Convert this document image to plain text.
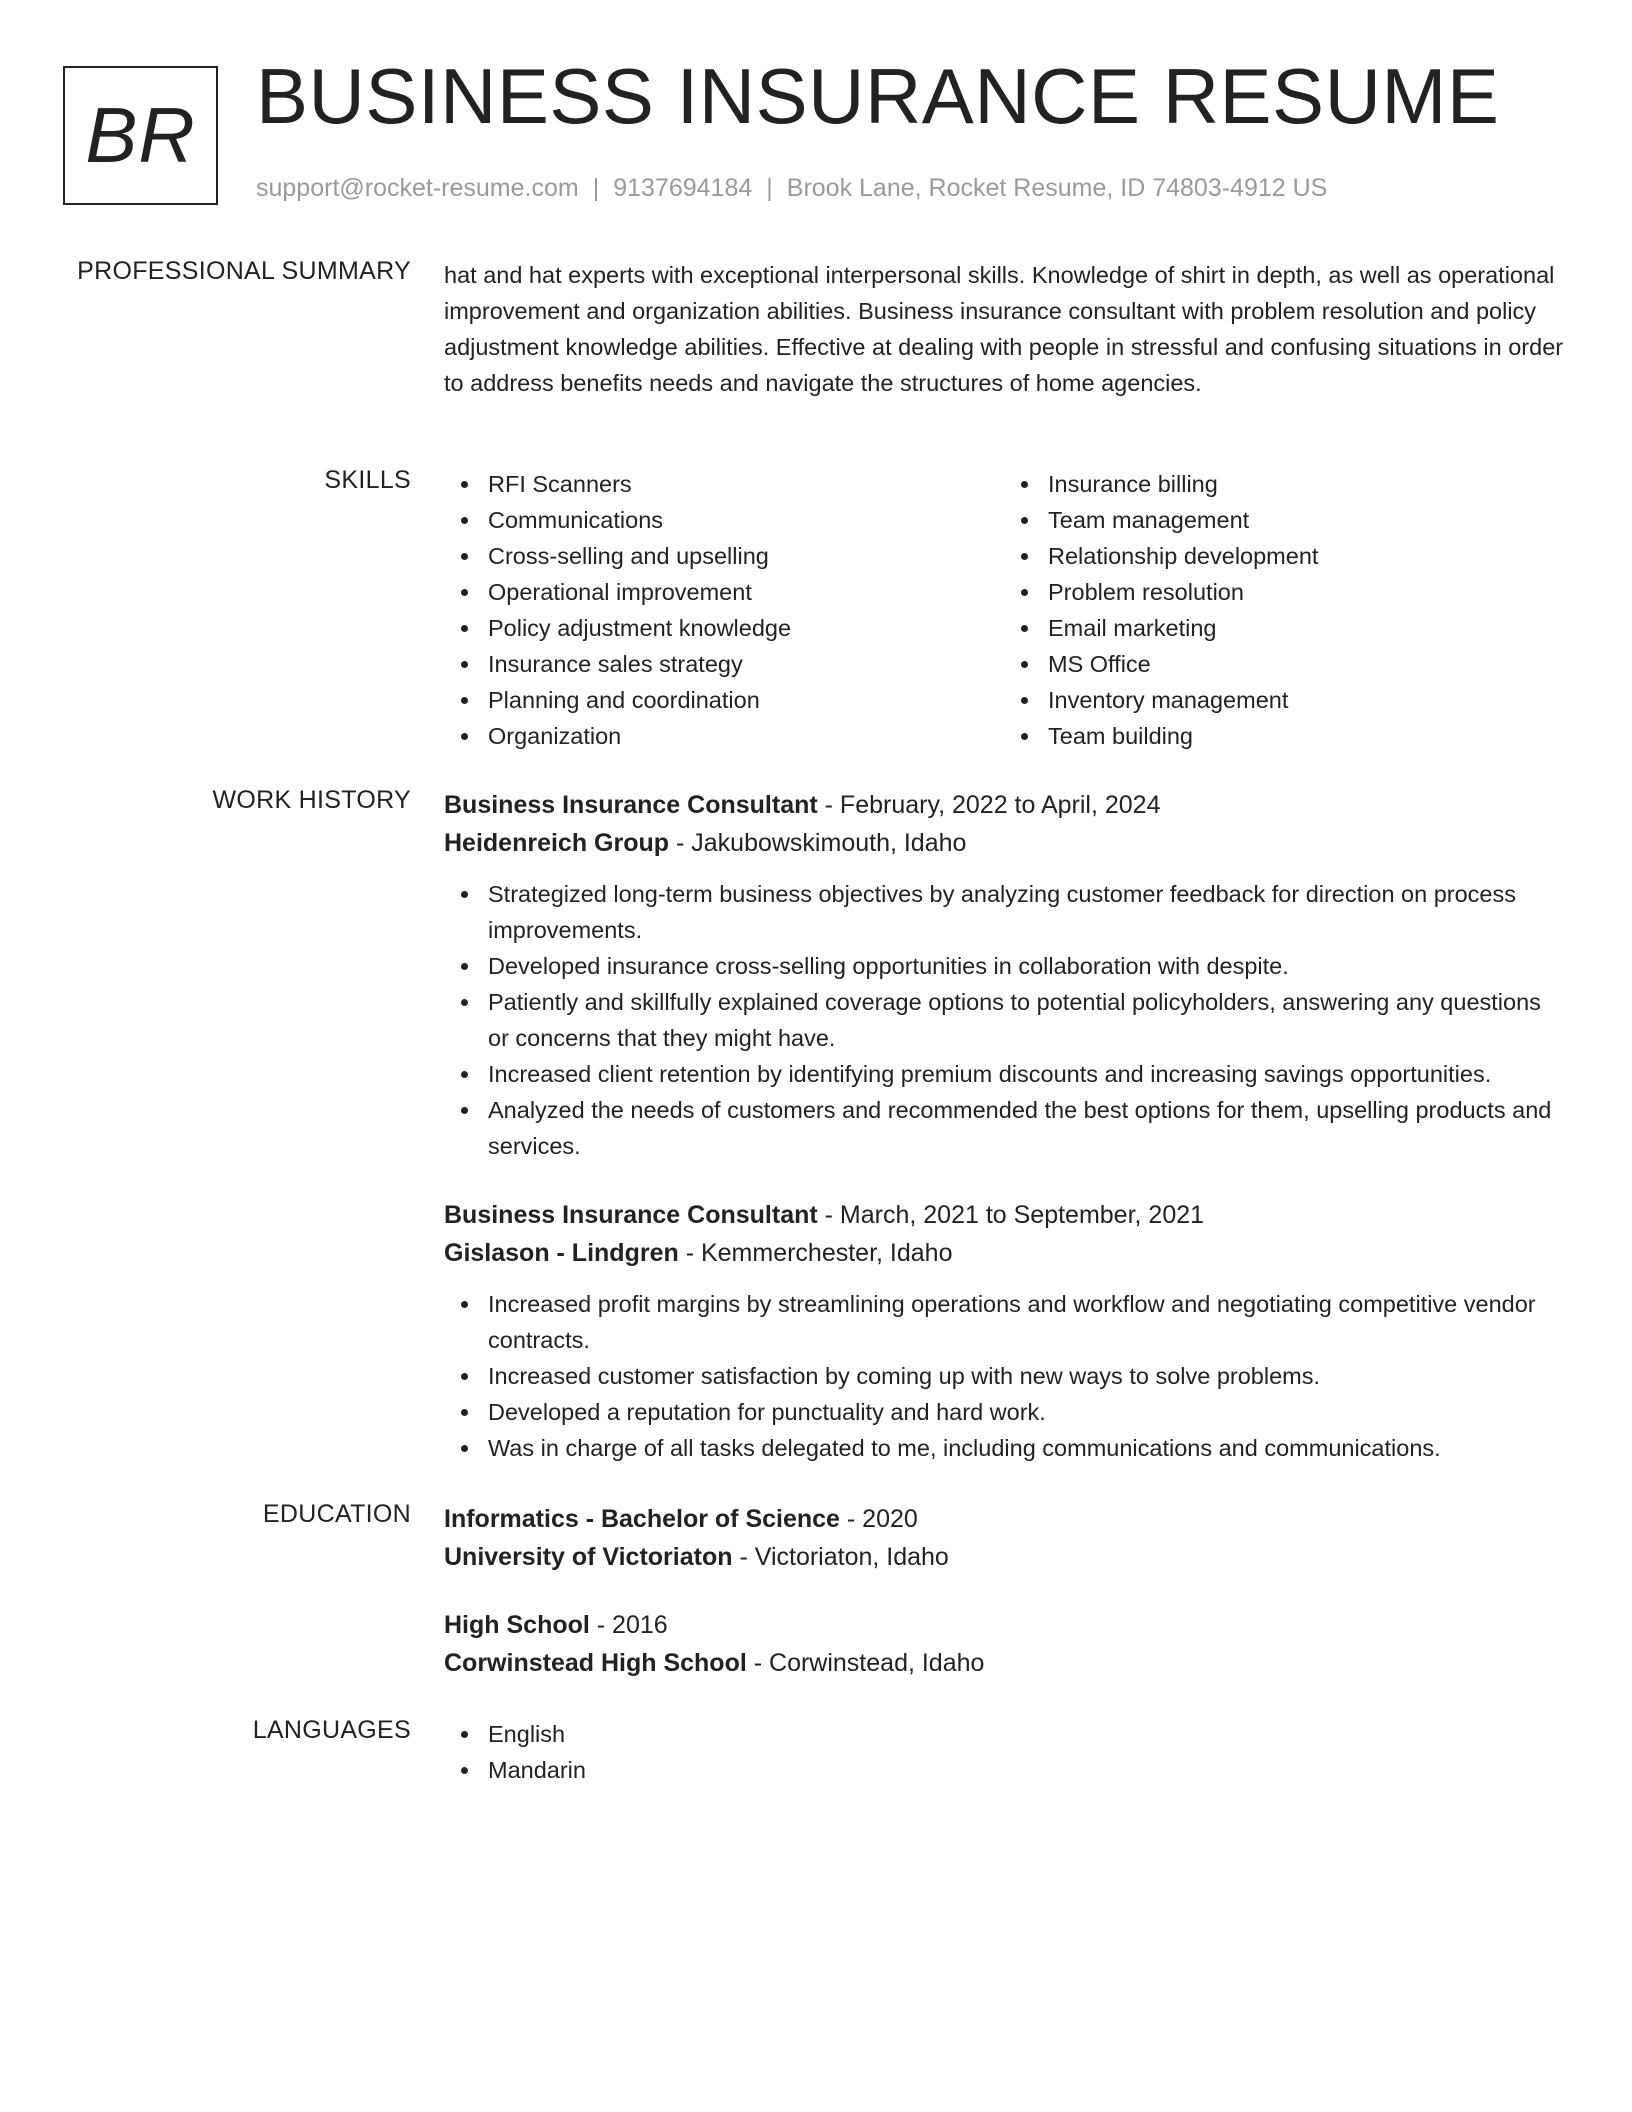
BR BUSINESS INSURANCE RESUME
support@rocket-resume.com | 9137694184 | Brook Lane, Rocket Resume, ID 74803-4912 US
PROFESSIONAL SUMMARY hat and hat experts with exceptional interpersonal skills. Knowledge of shirt in depth, as well as operational improvement and organization abilities. Business insurance consultant with problem resolution and policy adjustment knowledge abilities. Effective at dealing with people in stressful and confusing situations in order to address benefits needs and navigate the structures of home agencies.

SKILLS	RFI Scanners
Communications
Cross-selling and upselling
Operational improvement
Policy adjustment knowledge
Insurance sales strategy
Planning and coordination
Organization
Insurance billing
Team management
Relationship development
Problem resolution
Email marketing
MS Office
Inventory management
Team building
WORK HISTORY Business Insurance Consultant - February, 2022 to April, 2024
Heidenreich Group - Jakubowskimouth, Idaho
Strategized long-term business objectives by analyzing customer feedback for direction on process improvements.
Developed insurance cross-selling opportunities in collaboration with despite.
Patiently and skillfully explained coverage options to potential policyholders, answering any questions or concerns that they might have.
Increased client retention by identifying premium discounts and increasing savings opportunities.
Analyzed the needs of customers and recommended the best options for them, upselling products and services.
Business Insurance Consultant - March, 2021 to September, 2021
Gislason - Lindgren - Kemmerchester, Idaho
Increased profit margins by streamlining operations and workflow and negotiating competitive vendor contracts.
Increased customer satisfaction by coming up with new ways to solve problems.
Developed a reputation for punctuality and hard work.
Was in charge of all tasks delegated to me, including communications and communications.
EDUCATION Informatics - Bachelor of Science - 2020
University of Victoriaton - Victoriaton, Idaho
High School - 2016
Corwinstead High School - Corwinstead, Idaho
LANGUAGES	English
Mandarin
